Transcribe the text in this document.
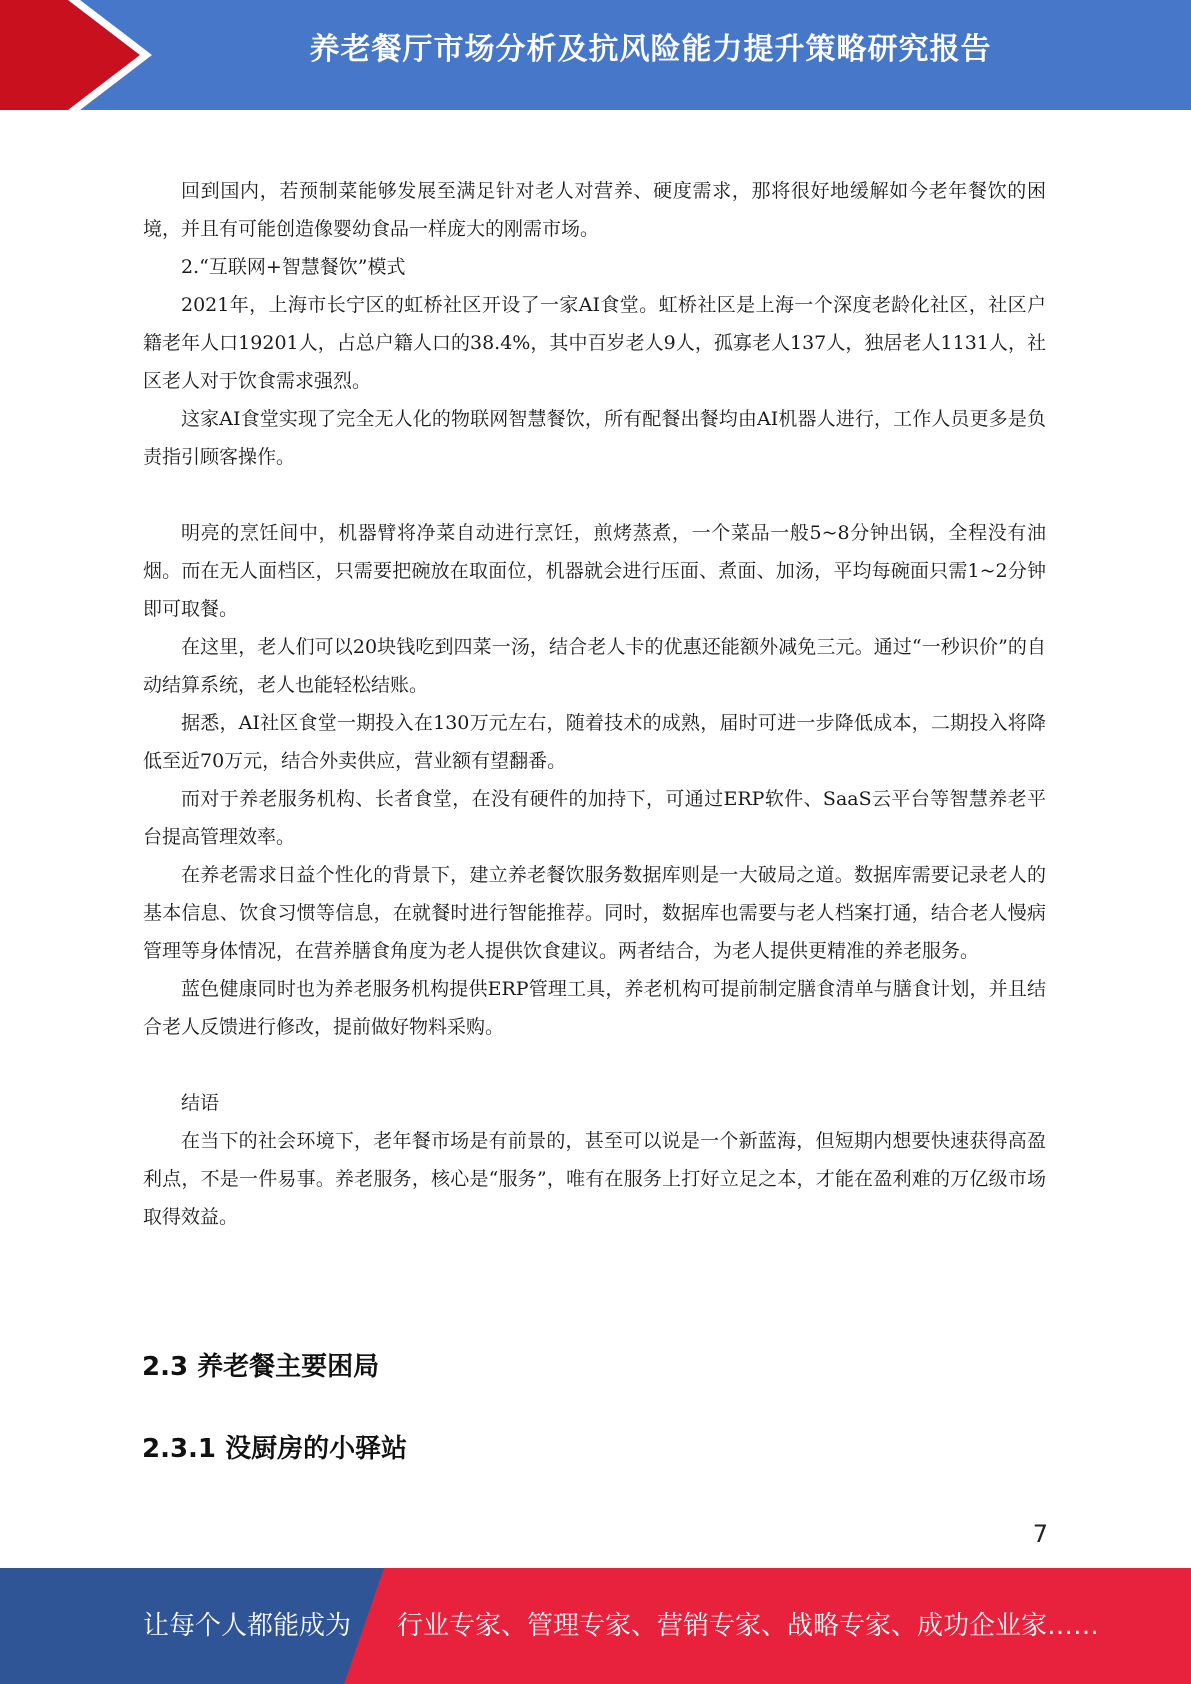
养老餐厅市场分析及抗风险能力提升策略研究报告

回到国内，若预制菜能够发展至满足针对老人对营养、硬度需求，那将很好地缓解如今老年餐饮的困境，并且有可能创造像婴幼食品一样庞大的刚需市场。

2.“互联网+智慧餐饮”模式

2021年，上海市长宁区的虹桥社区开设了一家AI食堂。虹桥社区是上海一个深度老龄化社区，社区户籍老年人口19201人，占总户籍人口的38.4%，其中百岁老人9人，孤寡老人137人，独居老人1131人，社区老人对于饮食需求强烈。

这家AI食堂实现了完全无人化的物联网智慧餐饮，所有配餐出餐均由AI机器人进行，工作人员更多是负责指引顾客操作。

明亮的烹饪间中，机器臂将净菜自动进行烹饪，煎烤蒸煮，一个菜品一般5~8分钟出锅，全程没有油烟。而在无人面档区，只需要把碗放在取面位，机器就会进行压面、煮面、加汤，平均每碗面只需1~2分钟即可取餐。

在这里，老人们可以20块钱吃到四菜一汤，结合老人卡的优惠还能额外减免三元。通过“一秒识价”的自动结算系统，老人也能轻松结账。

据悉，AI社区食堂一期投入在130万元左右，随着技术的成熟，届时可进一步降低成本，二期投入将降低至近70万元，结合外卖供应，营业额有望翻番。

而对于养老服务机构、长者食堂，在没有硬件的加持下，可通过ERP软件、SaaS云平台等智慧养老平台提高管理效率。

在养老需求日益个性化的背景下，建立养老餐饮服务数据库则是一大破局之道。数据库需要记录老人的基本信息、饮食习惯等信息，在就餐时进行智能推荐。同时，数据库也需要与老人档案打通，结合老人慢病管理等身体情况，在营养膳食角度为老人提供饮食建议。两者结合，为老人提供更精准的养老服务。

蓝色健康同时也为养老服务机构提供ERP管理工具，养老机构可提前制定膳食清单与膳食计划，并且结合老人反馈进行修改，提前做好物料采购。

结语

在当下的社会环境下，老年餐市场是有前景的，甚至可以说是一个新蓝海，但短期内想要快速获得高盈利点，不是一件易事。养老服务，核心是“服务”，唯有在服务上打好立足之本，才能在盈利难的万亿级市场取得效益。

2.3 养老餐主要困局
2.3.1 没厨房的小驿站
7
让每个人都能成为 行业专家、管理专家、营销专家、战略专家、成功企业家……
